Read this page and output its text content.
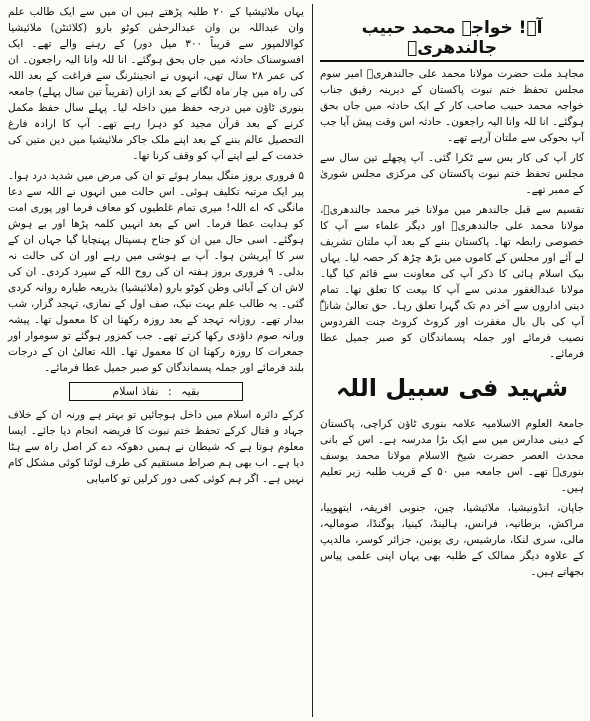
آہ! خواجہ محمد حبیب جالندھریؒ

مجاہد ملت حضرت مولانا محمد علی جالندھریؒ امیر سوم مجلس تحفظ ختم نبوت پاکستان کے دیرینہ رفیق جناب خواجہ محمد حبیب صاحب کار کے ایک حادثہ میں جاں بحق ہوگئے۔ انا للہ وانا الیہ راجعون۔ حادثہ اس وقت پیش آیا جب آپ بحوکی سے ملتان آرہے تھے۔

کار آپ کی کار بس سے ٹکرا گئی۔ آپ پچھلے تین سال سے مجلس تحفظ ختم نبوت پاکستان کی مرکزی مجلس شوریٰ کے ممبر تھے۔

تقسیم سے قبل جالندھر میں مولانا خیر محمد جالندھریؒ، مولانا محمد علی جالندھریؒ اور دیگر علماء سے آپ کا خصوصی رابطہ تھا۔ پاکستان بننے کے بعد آپ ملتان تشریف لے آئے اور مجلس کے کاموں میں بڑھ چڑھ کر حصہ لیا۔ یہاں بیک اسلام ہائی کا ذکر آپ کی معاونت سے قائم کیا گیا۔ مولانا عبدالغفور مدنی سے آپ کا بیعت کا تعلق تھا۔ تمام دینی اداروں سے آخر دم تک گہرا تعلق رہا۔ حق تعالیٰ شانہٗ آپ کی بال بال مغفرت اور کروٹ کروٹ جنت الفردوس نصیب فرمائے اور جملہ پسماندگان کو صبر جمیل عطا فرمائے۔

شہید فی سبیل اللہ

جامعۃ العلوم الاسلامیہ علامہ بنوری ٹاؤن کراچی، پاکستان کے دینی مدارس میں سے ایک بڑا مدرسہ ہے۔ اس کے بانی محدث العصر حضرت شیخ الاسلام مولانا محمد یوسف بنوریؒ تھے۔ اس جامعہ میں ۵۰ کے قریب طلبہ زیر تعلیم ہیں۔

جاپان، انڈونیشیا، ملائیشیا، چین، جنوبی افریقہ، ایتھوپیا، مراکش، برطانیہ، فرانس، ہالینڈ، کینیا، یوگنڈا، صومالیہ، مالی، سری لنکا، مارشیس، ری یونین، جزائر کوسر، مالدیپ کے علاوہ دیگر ممالک کے طلبہ بھی یہاں اپنی علمی پیاس بجھاتے ہیں۔

یہاں ملائیشیا کے ۲۰ طلبہ پڑھتے ہیں ان میں سے ایک طالب علم وان عبداللہ بن وان عبدالرحمٰن کوٹو بارو (کلائنٹن) ملائیشیا کوالالمپور سے قریباً ۳۰۰ میل دور) کے رہنے والے تھے۔ ایک افسوسناک حادثہ میں جاں بحق ہوگئے۔ انا للہ وانا الیہ راجعون۔ ان کی عمر ۲۸ سال تھی، انہوں نے انجینئرنگ سے فراغت کے بعد اللہ کی راہ میں چار ماہ لگانے کے بعد ازاں (تقریباً تین سال پہلے) جامعہ بنوری ٹاؤن میں درجہ حفظ میں داخلہ لیا۔ پہلے سال حفظ مکمل کرنے کے بعد قرآن مجید کو دہرا رہے تھے۔ آپ کا ارادہ فارغ التحصیل عالم بننے کے بعد اپنے ملک جاکر ملائیشیا میں دین متین کی خدمت کے لیے اپنے آپ کو وقف کرنا تھا۔

۵ فروری بروز منگل بیمار ہوئے تو ان کی مرض میں شدید درد ہوا۔ پیر ایک مرتبہ تکلیف ہوئی۔ اس حالت میں انہوں نے اللہ سے دعا مانگی کہ اے اللہ! میری تمام غلطیوں کو معاف فرما اور پوری امت کو ہدایت عطا فرما۔ اس کے بعد انہیں کلمہ پڑھا اور بے ہوش ہوگئے۔ اسی حال میں ان کو جناح ہسپتال پہنچایا گیا جہاں ان کے سر کا آپریشن ہوا۔ آپ بے ہوشی میں رہے اور ان کی حالت نہ بدلی۔ ۹ فروری بروز ہفتہ ان کی روح اللہ کے سپرد کردی۔ ان کی لاش ان کے آبائی وطن کوٹو بارو (ملائیشیا) بذریعہ طیارہ روانہ کردی گئی۔ یہ طالب علم بہت نیک، صف اول کے نمازی، تہجد گزار، شب بیدار تھے۔ روزانہ تہجد کے بعد روزہ رکھنا ان کا معمول تھا۔ پیشہ ورانہ صوم داؤدی رکھا کرتے تھے۔ جب کمزور ہوگئے تو سوموار اور جمعرات کا روزہ رکھنا ان کا معمول تھا۔ اللہ تعالیٰ ان کے درجات بلند فرمائے اور جملہ پسماندگان کو صبر جمیل عطا فرمائے۔

بقیہ : نفاذ اسلام

کرکے دائرہ اسلام میں داخل ہوجائیں تو بہتر ہے ورنہ ان کے خلاف جہاد و قتال کرکے تحفظ ختم نبوت کا فریضہ انجام دیا جائے۔ ایسا معلوم ہوتا ہے کہ شیطان نے ہمیں دھوکہ دے کر اصل راہ سے ہٹا دیا ہے۔ اب بھی ہم صراط مستقیم کی طرف لوٹنا کوئی مشکل کام نہیں ہے۔ اگر ہم کوئی کمی دور کرلیں تو کامیابی
